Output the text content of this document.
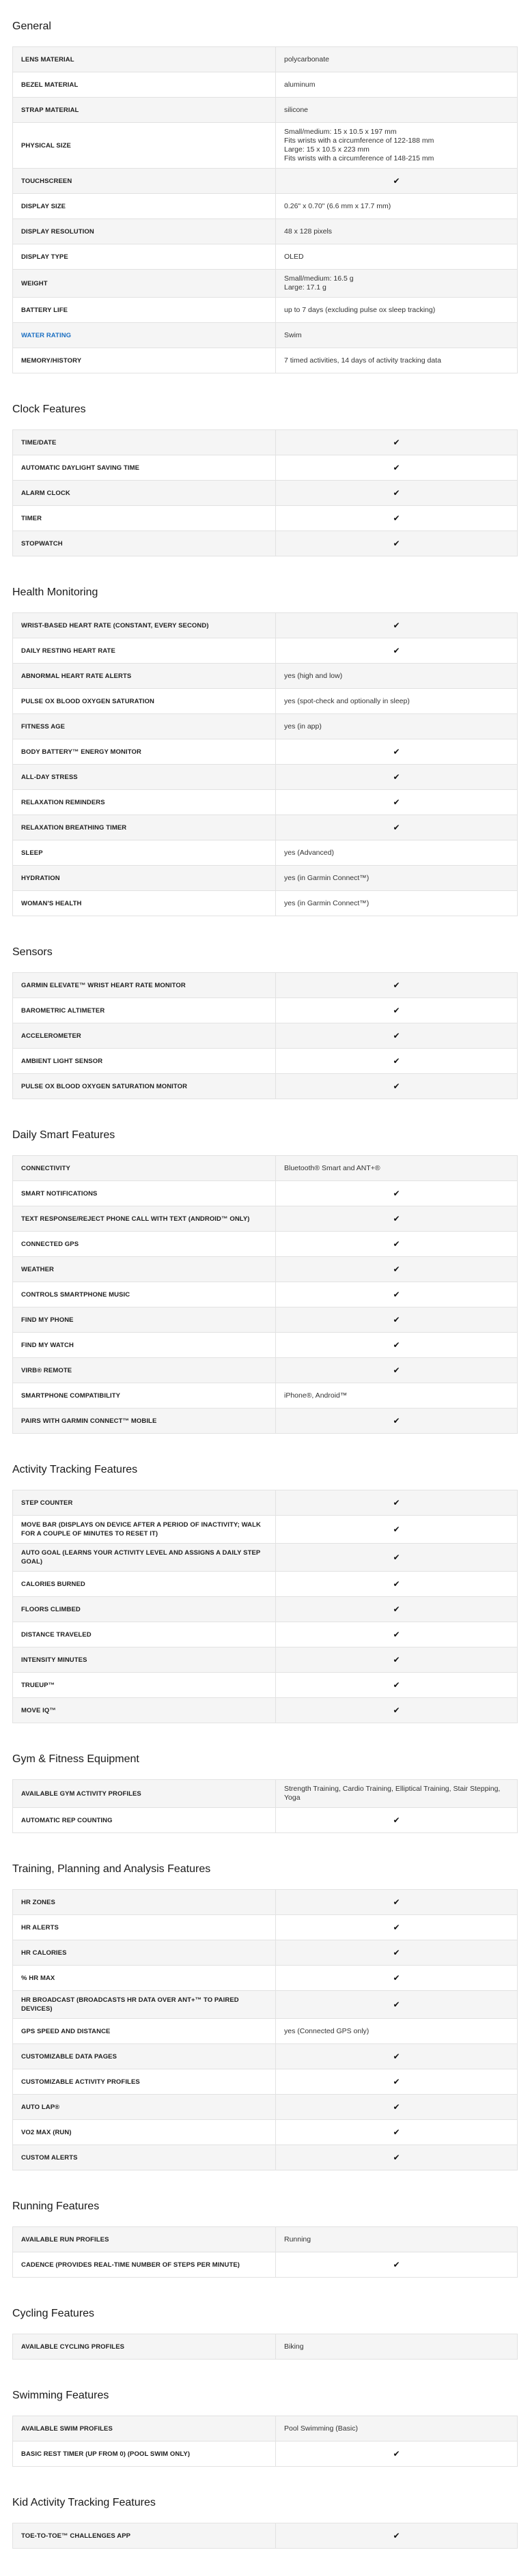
General
LENS MATERIAL	polycarbonate
BEZEL MATERIAL	aluminum
STRAP MATERIAL	silicone
PHYSICAL SIZE	Small/medium: 15 x 10.5 x 197 mm
Fits wrists with a circumference of 122-188 mm
Large: 15 x 10.5 x 223 mm
Fits wrists with a circumference of 148-215 mm
TOUCHSCREEN	✔
DISPLAY SIZE	0.26" x 0.70" (6.6 mm x 17.7 mm)
DISPLAY RESOLUTION	48 x 128 pixels
DISPLAY TYPE	OLED
WEIGHT	Small/medium: 16.5 g
Large: 17.1 g
BATTERY LIFE	up to 7 days (excluding pulse ox sleep tracking)
WATER RATING	Swim
MEMORY/HISTORY	7 timed activities, 14 days of activity tracking data
Clock Features
TIME/DATE	✔
AUTOMATIC DAYLIGHT SAVING TIME	✔
ALARM CLOCK	✔
TIMER	✔
STOPWATCH	✔
Health Monitoring
WRIST-BASED HEART RATE (CONSTANT, EVERY SECOND)	✔
DAILY RESTING HEART RATE	✔
ABNORMAL HEART RATE ALERTS	yes (high and low)
PULSE OX BLOOD OXYGEN SATURATION	yes (spot-check and optionally in sleep)
FITNESS AGE	yes (in app)
BODY BATTERY™ ENERGY MONITOR	✔
ALL-DAY STRESS	✔
RELAXATION REMINDERS	✔
RELAXATION BREATHING TIMER	✔
SLEEP	yes (Advanced)
HYDRATION	yes (in Garmin Connect™)
WOMAN'S HEALTH	yes (in Garmin Connect™)
Sensors
GARMIN ELEVATE™ WRIST HEART RATE MONITOR	✔
BAROMETRIC ALTIMETER	✔
ACCELEROMETER	✔
AMBIENT LIGHT SENSOR	✔
PULSE OX BLOOD OXYGEN SATURATION MONITOR	✔
Daily Smart Features
CONNECTIVITY	Bluetooth® Smart and ANT+®
SMART NOTIFICATIONS	✔
TEXT RESPONSE/REJECT PHONE CALL WITH TEXT (ANDROID™ ONLY)	✔
CONNECTED GPS	✔
WEATHER	✔
CONTROLS SMARTPHONE MUSIC	✔
FIND MY PHONE	✔
FIND MY WATCH	✔
VIRB® REMOTE	✔
SMARTPHONE COMPATIBILITY	iPhone®, Android™
PAIRS WITH GARMIN CONNECT™ MOBILE	✔
Activity Tracking Features
STEP COUNTER	✔
MOVE BAR (DISPLAYS ON DEVICE AFTER A PERIOD OF INACTIVITY; WALK FOR A COUPLE OF MINUTES TO RESET IT)	✔
AUTO GOAL (LEARNS YOUR ACTIVITY LEVEL AND ASSIGNS A DAILY STEP GOAL)	✔
CALORIES BURNED	✔
FLOORS CLIMBED	✔
DISTANCE TRAVELED	✔
INTENSITY MINUTES	✔
TRUEUP™	✔
MOVE IQ™	✔
Gym & Fitness Equipment
AVAILABLE GYM ACTIVITY PROFILES	Strength Training, Cardio Training, Elliptical Training, Stair Stepping, Yoga
AUTOMATIC REP COUNTING	✔
Training, Planning and Analysis Features
HR ZONES	✔
HR ALERTS	✔
HR CALORIES	✔
% HR MAX	✔
HR BROADCAST (BROADCASTS HR DATA OVER ANT+™ TO PAIRED DEVICES)	✔
GPS SPEED AND DISTANCE	yes (Connected GPS only)
CUSTOMIZABLE DATA PAGES	✔
CUSTOMIZABLE ACTIVITY PROFILES	✔
AUTO LAP®	✔
VO2 MAX (RUN)	✔
CUSTOM ALERTS	✔
Running Features
AVAILABLE RUN PROFILES	Running
CADENCE (PROVIDES REAL-TIME NUMBER OF STEPS PER MINUTE)	✔
Cycling Features
AVAILABLE CYCLING PROFILES	Biking
Swimming Features
AVAILABLE SWIM PROFILES	Pool Swimming (Basic)
BASIC REST TIMER (UP FROM 0) (POOL SWIM ONLY)	✔
Kid Activity Tracking Features
TOE-TO-TOE™ CHALLENGES APP	✔
